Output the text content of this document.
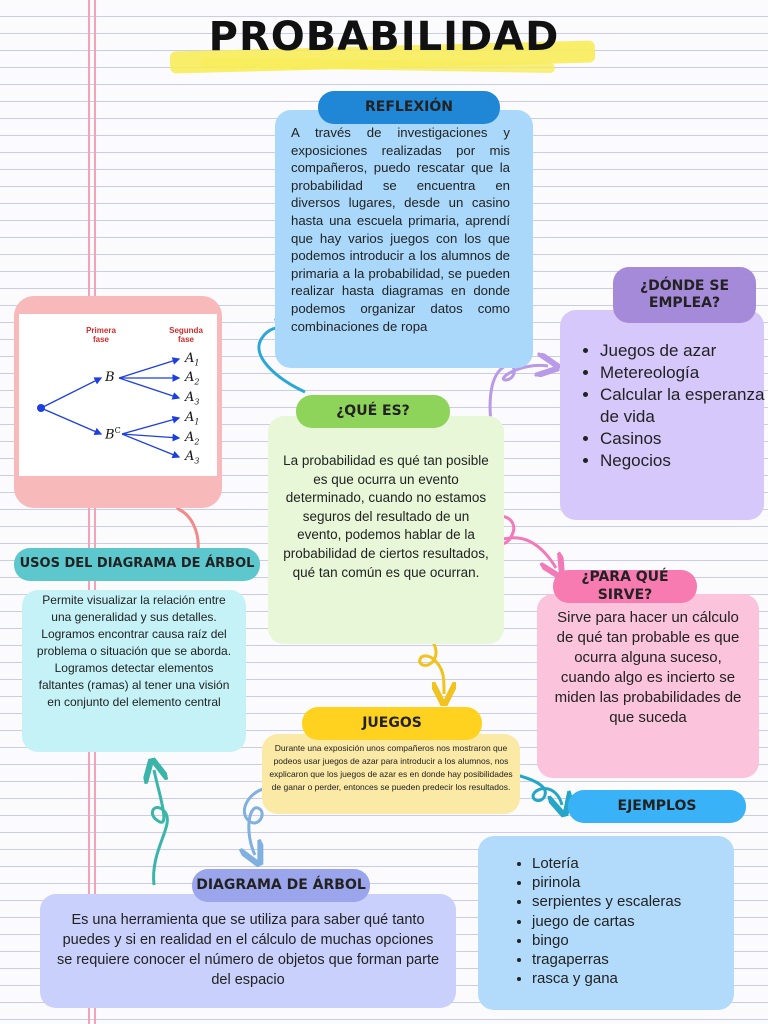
PROBABILIDAD
A través de investigaciones y exposiciones realizadas por mis compañeros, puedo rescatar que la probabilidad se encuentra en diversos lugares, desde un casino hasta una escuela primaria, aprendí que hay varios juegos con los que podemos introducir a los alumnos de primaria a la probabilidad, se pueden realizar hasta diagramas en donde podemos organizar datos como combinaciones de ropa
REFLEXIÓN
Primera fase
Segunda fase
B
$B^C$
$A_1$
$A_2$
$A_3$
$A_1$
$A_2$
$A_3$
• Juegos de azar
• Metereología
• Calcular la esperanza de vida
• Casinos
• Negocios
¿DÓNDE SE EMPLEA?
La probabilidad es qué tan posible es que ocurra un evento determinado, cuando no estamos seguros del resultado de un evento, podemos hablar de la probabilidad de ciertos resultados, qué tan común es que ocurran.
¿QUÉ ES?
Sirve para hacer un cálculo de qué tan probable es que ocurra alguna suceso, cuando algo es incierto se miden las probabilidades de que suceda
¿PARA QUÉ SIRVE?
Permite visualizar la relación entre una generalidad y sus detalles. Logramos encontrar causa raíz del problema o situación que se aborda. Logramos detectar elementos faltantes (ramas) al tener una visión en conjunto del elemento central
USOS DEL DIAGRAMA DE ÁRBOL
Durante una exposición unos compañeros nos mostraron que podeos usar juegos de azar para introducir a los alumnos, nos explicaron que los juegos de azar es en donde hay posibilidades de ganar o perder, entonces se pueden predecir los resultados.
JUEGOS
• Lotería
• pirinola
• serpientes y escaleras
• juego de cartas
• bingo
• tragaperras
• rasca y gana
EJEMPLOS
Es una herramienta que se utiliza para saber qué tanto puedes y si en realidad en el cálculo de muchas opciones se requiere conocer el número de objetos que forman parte del espacio
DIAGRAMA DE ÁRBOL
